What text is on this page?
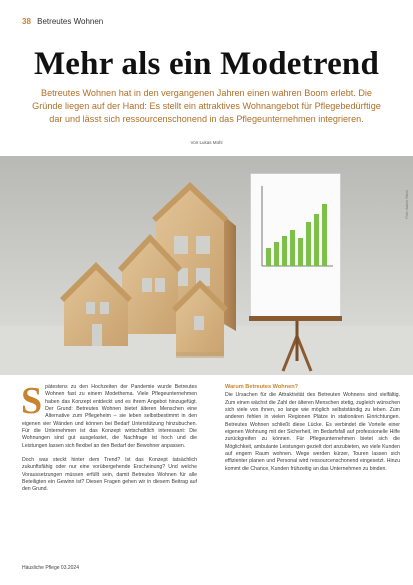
38 Betreutes Wohnen
Mehr als ein Modetrend
Betreutes Wohnen hat in den vergangenen Jahren einen wahren Boom erlebt. Die Gründe liegen auf der Hand: Es stellt ein attraktives Wohnangebot für Pflegebedürftige dar und lässt sich ressourcenschonend in das Pflegeunternehmen integrieren.
Von Lukas Mühl
Foto: Adobe Stock

Spätestens zu den Hochzeiten der Pandemie wurde Betreutes Wohnen fast zu einem Modethema. Viele Pflegeunternehmen haben das Konzept entdeckt und es ihrem Angebot hinzugefügt. Der Grund: Betreutes Wohnen bietet älteren Menschen eine Alternative zum Pflegeheim – sie leben selbstbestimmt in den eigenen vier Wänden und können bei Bedarf Unterstützung hinzubuchen. Für die Unternehmen ist das Konzept wirtschaftlich interessant: Die Wohnungen sind gut ausgelastet, die Nachfrage ist hoch und die Leistungen lassen sich flexibel an den Bedarf der Bewohner anpassen.

Doch was steckt hinter dem Trend? Ist das Konzept tatsächlich zukunftsfähig oder nur eine vorübergehende Erscheinung? Und welche Voraussetzungen müssen erfüllt sein, damit Betreutes Wohnen für alle Beteiligten ein Gewinn ist? Diesen Fragen gehen wir in diesem Beitrag auf den Grund.

Warum Betreutes Wohnen?

Die Ursachen für die Attraktivität des Betreuten Wohnens sind vielfältig. Zum einen wächst die Zahl der älteren Menschen stetig, zugleich wünschen sich viele von ihnen, so lange wie möglich selbstständig zu leben. Zum anderen fehlen in vielen Regionen Plätze in stationären Einrichtungen. Betreutes Wohnen schließt diese Lücke. Es verbindet die Vorteile einer eigenen Wohnung mit der Sicherheit, im Bedarfsfall auf professionelle Hilfe zurückgreifen zu können. Für Pflegeunternehmen bietet sich die Möglichkeit, ambulante Leistungen gezielt dort anzubieten, wo viele Kunden auf engem Raum wohnen. Wege werden kürzer, Touren lassen sich effizienter planen und Personal wird ressourcenschonend eingesetzt. Hinzu kommt die Chance, Kunden frühzeitig an das Unternehmen zu binden.

Häusliche Pflege 03.2024
